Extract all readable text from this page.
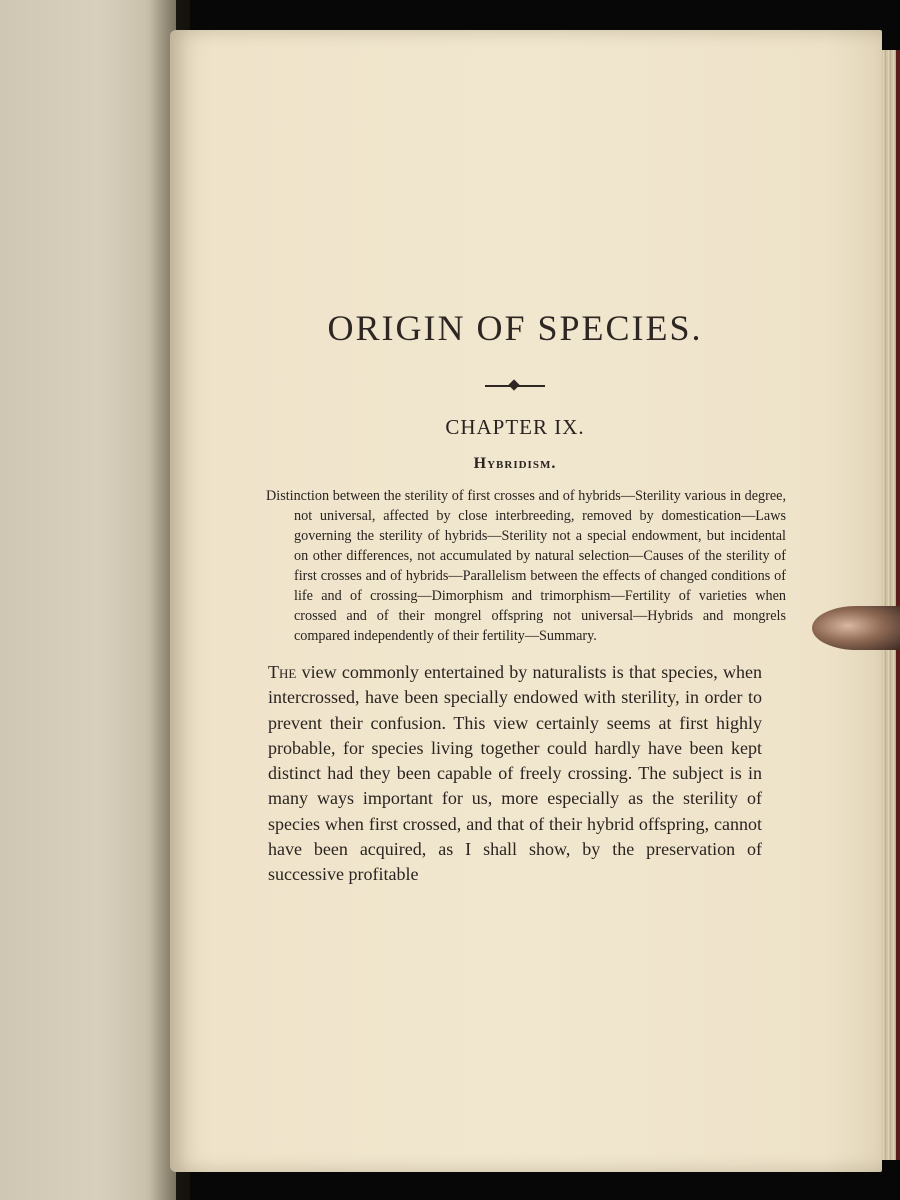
ORIGIN OF SPECIES.
CHAPTER IX.
Hybridism.

Distinction between the sterility of first crosses and of hybrids—Sterility various in degree, not universal, affected by close interbreeding, removed by domestication—Laws governing the sterility of hybrids—Sterility not a special endowment, but incidental on other differences, not accumulated by natural selection—Causes of the sterility of first crosses and of hybrids—Parallelism between the effects of changed conditions of life and of crossing—Dimorphism and trimorphism—Fertility of varieties when crossed and of their mongrel offspring not universal—Hybrids and mongrels compared independently of their fertility—Summary.

The view commonly entertained by naturalists is that species, when intercrossed, have been specially endowed with sterility, in order to prevent their confusion. This view certainly seems at first highly probable, for species living together could hardly have been kept distinct had they been capable of freely crossing. The subject is in many ways important for us, more especially as the sterility of species when first crossed, and that of their hybrid offspring, cannot have been acquired, as I shall show, by the preservation of successive profitable
